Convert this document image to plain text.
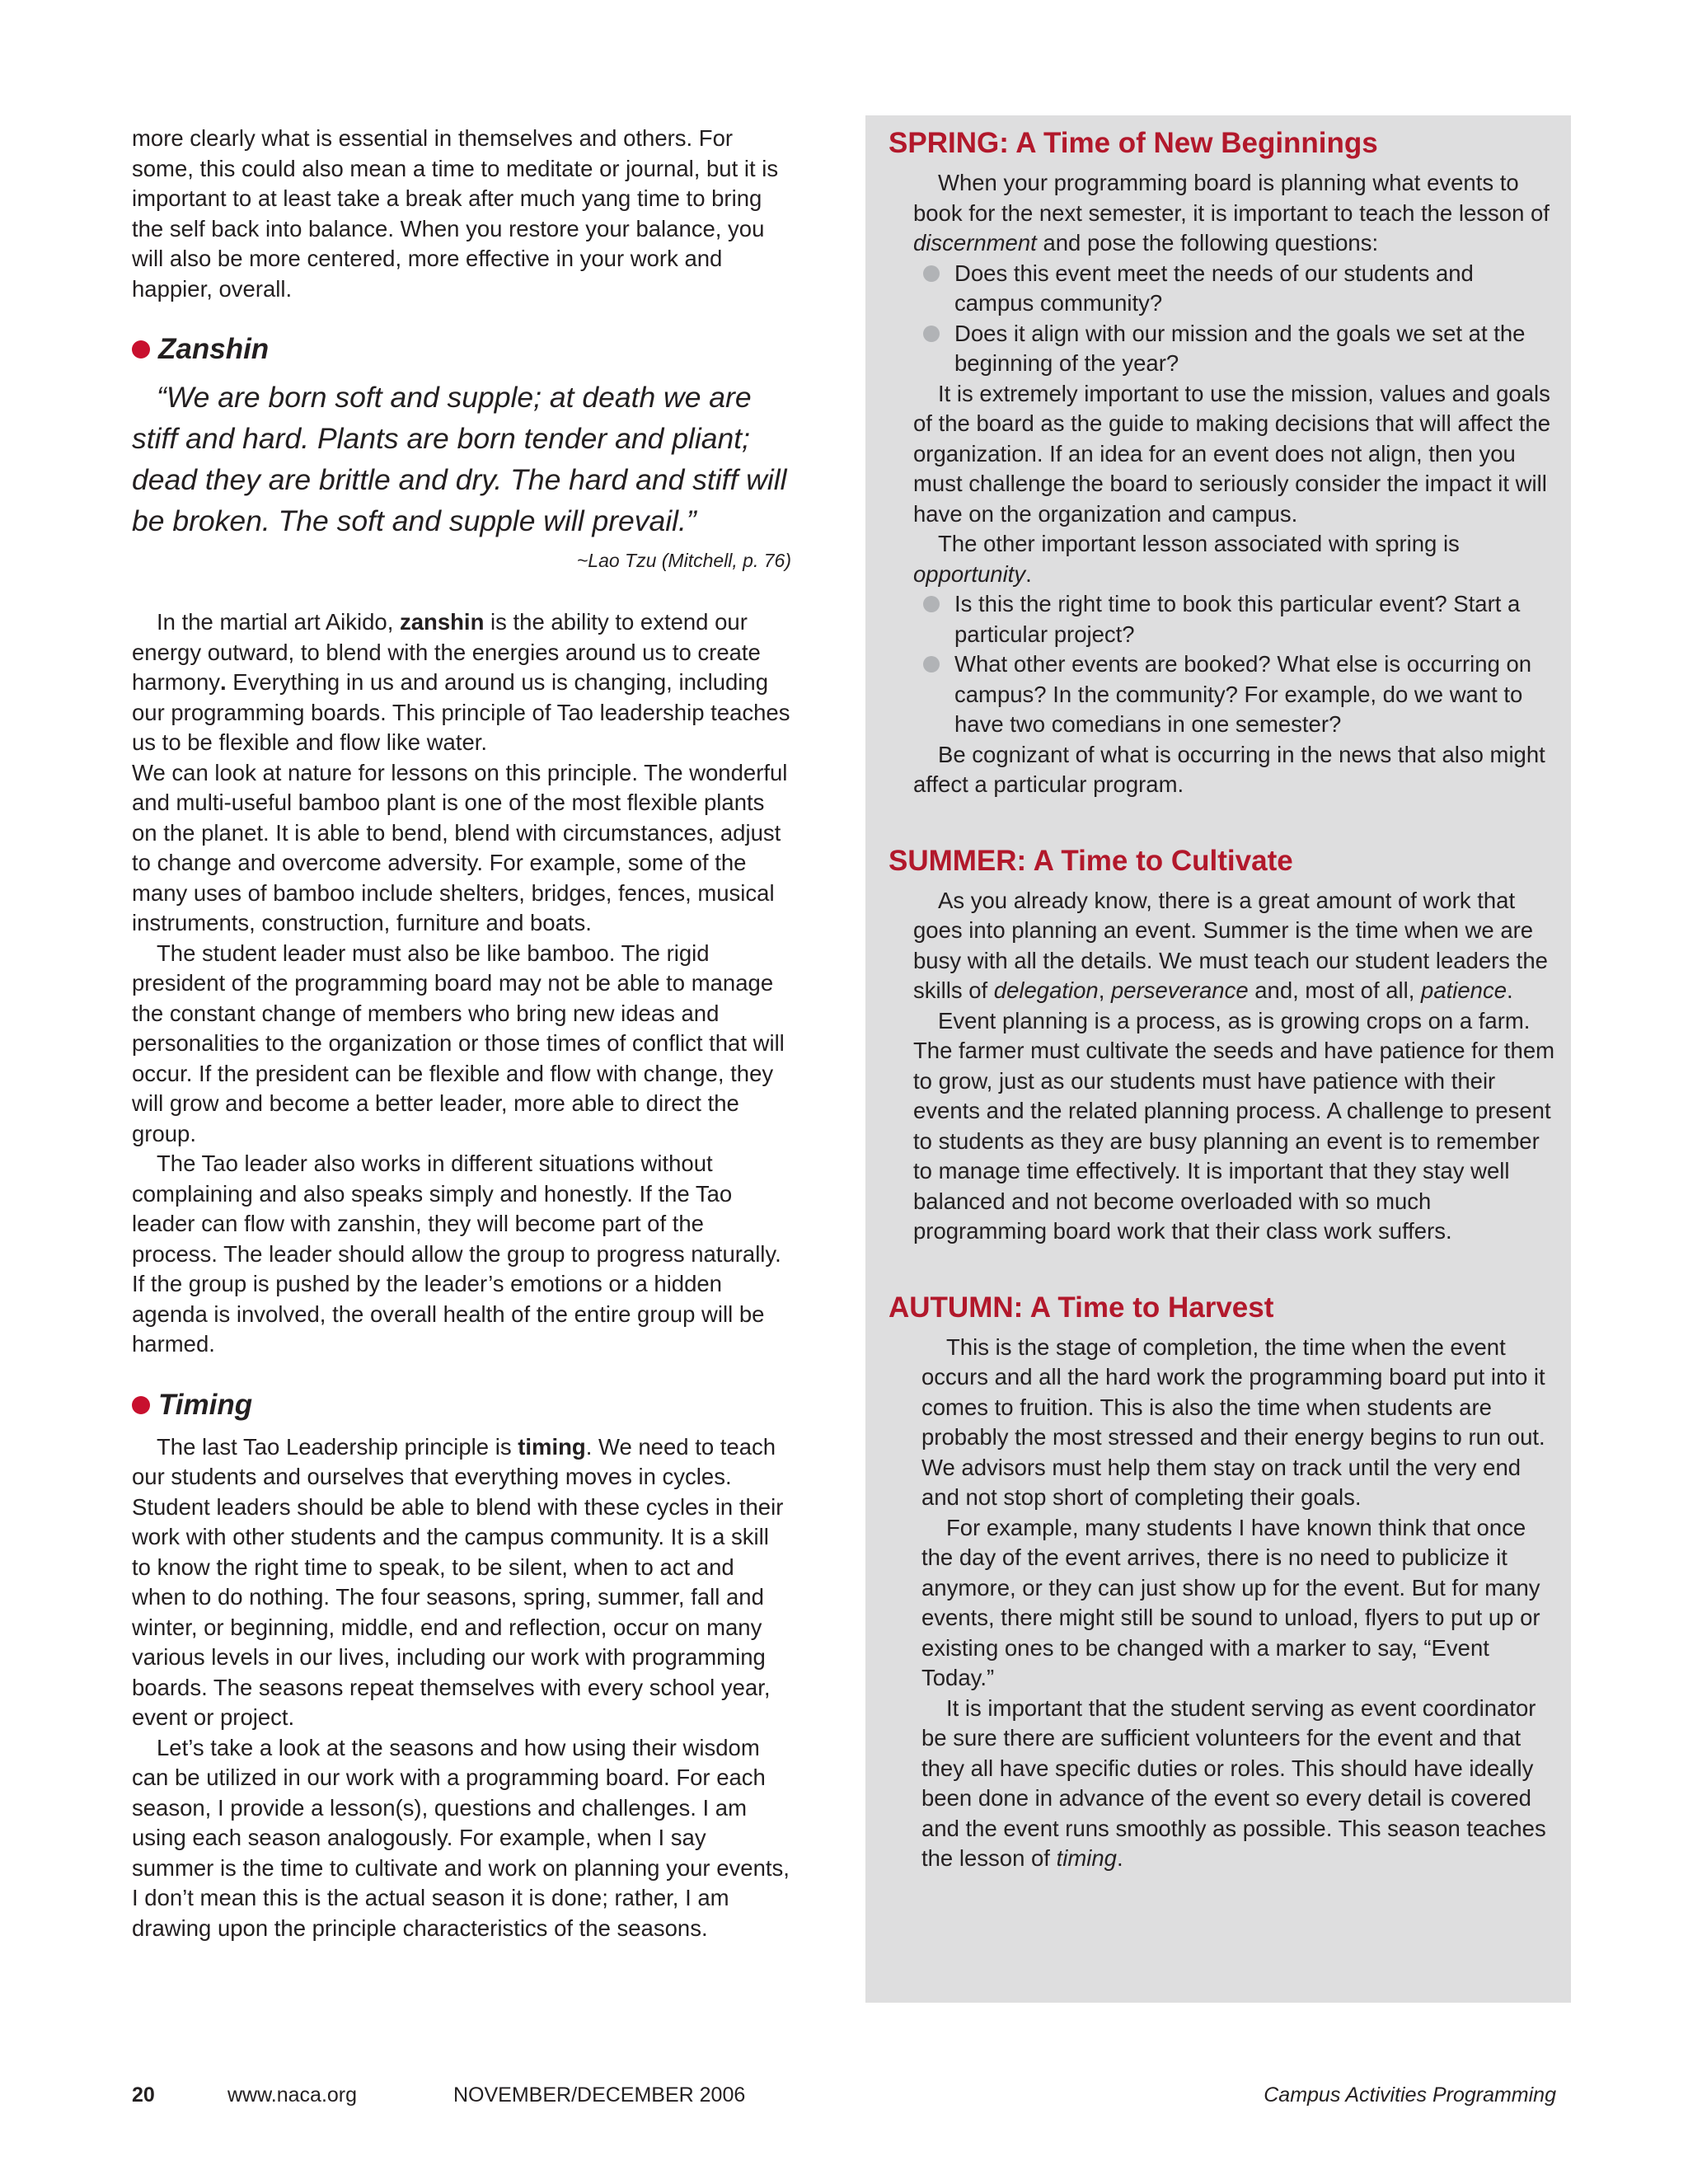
more clearly what is essential in themselves and others. For some, this could also mean a time to meditate or journal, but it is important to at least take a break after much yang time to bring the self back into balance. When you restore your balance, you will also be more centered, more effective in your work and happier, overall.

Zanshin
“We are born soft and supple; at death we are stiff and hard. Plants are born tender and pliant; dead they are brittle and dry. The hard and stiff will be broken. The soft and supple will prevail.”
~Lao Tzu (Mitchell, p. 76)

In the martial art Aikido, zanshin is the ability to extend our energy outward, to blend with the energies around us to create harmony. Everything in us and around us is changing, including our programming boards. This principle of Tao leadership teaches us to be flexible and flow like water.

We can look at nature for lessons on this principle. The wonderful and multi-useful bamboo plant is one of the most flexible plants on the planet. It is able to bend, blend with circumstances, adjust to change and overcome adversity. For example, some of the many uses of bamboo include shelters, bridges, fences, musical instruments, construction, furniture and boats.

The student leader must also be like bamboo. The rigid president of the programming board may not be able to manage the constant change of members who bring new ideas and personalities to the organization or those times of conflict that will occur. If the president can be flexible and flow with change, they will grow and become a better leader, more able to direct the group.

The Tao leader also works in different situations without complaining and also speaks simply and honestly. If the Tao leader can flow with zanshin, they will become part of the process. The leader should allow the group to progress naturally. If the group is pushed by the leader’s emotions or a hidden agenda is involved, the overall health of the entire group will be harmed.

Timing

The last Tao Leadership principle is timing. We need to teach our students and ourselves that everything moves in cycles. Student leaders should be able to blend with these cycles in their work with other students and the campus community. It is a skill to know the right time to speak, to be silent, when to act and when to do nothing. The four seasons, spring, summer, fall and winter, or beginning, middle, end and reflection, occur on many various levels in our lives, including our work with programming boards. The seasons repeat themselves with every school year, event or project.

Let’s take a look at the seasons and how using their wisdom can be utilized in our work with a programming board. For each season, I provide a lesson(s), questions and challenges. I am using each season analogously. For example, when I say summer is the time to cultivate and work on planning your events, I don’t mean this is the actual season it is done; rather, I am drawing upon the principle characteristics of the seasons.

SPRING: A Time of New Beginnings

When your programming board is planning what events to book for the next semester, it is important to teach the lesson of discernment and pose the following questions:

Does this event meet the needs of our students and campus community?
Does it align with our mission and the goals we set at the beginning of the year?

It is extremely important to use the mission, values and goals of the board as the guide to making decisions that will affect the organization. If an idea for an event does not align, then you must challenge the board to seriously consider the impact it will have on the organization and campus.

The other important lesson associated with spring is opportunity.

Is this the right time to book this particular event? Start a particular project?
What other events are booked? What else is occurring on campus? In the community? For example, do we want to have two comedians in one semester?

Be cognizant of what is occurring in the news that also might affect a particular program.

SUMMER: A Time to Cultivate

As you already know, there is a great amount of work that goes into planning an event. Summer is the time when we are busy with all the details. We must teach our student leaders the skills of delegation, perseverance and, most of all, patience.

Event planning is a process, as is growing crops on a farm. The farmer must cultivate the seeds and have patience for them to grow, just as our students must have patience with their events and the related planning process. A challenge to present to students as they are busy planning an event is to remember to manage time effectively. It is important that they stay well balanced and not become overloaded with so much programming board work that their class work suffers.

AUTUMN: A Time to Harvest

This is the stage of completion, the time when the event occurs and all the hard work the programming board put into it comes to fruition. This is also the time when students are probably the most stressed and their energy begins to run out. We advisors must help them stay on track until the very end and not stop short of completing their goals.

For example, many students I have known think that once the day of the event arrives, there is no need to publicize it anymore, or they can just show up for the event. But for many events, there might still be sound to unload, flyers to put up or existing ones to be changed with a marker to say, “Event Today.”

It is important that the student serving as event coordinator be sure there are sufficient volunteers for the event and that they all have specific duties or roles. This should have ideally been done in advance of the event so every detail is covered and the event runs smoothly as possible. This season teaches the lesson of timing.

20	www.naca.org	NOVEMBER/DECEMBER 2006	Campus Activities Programming
